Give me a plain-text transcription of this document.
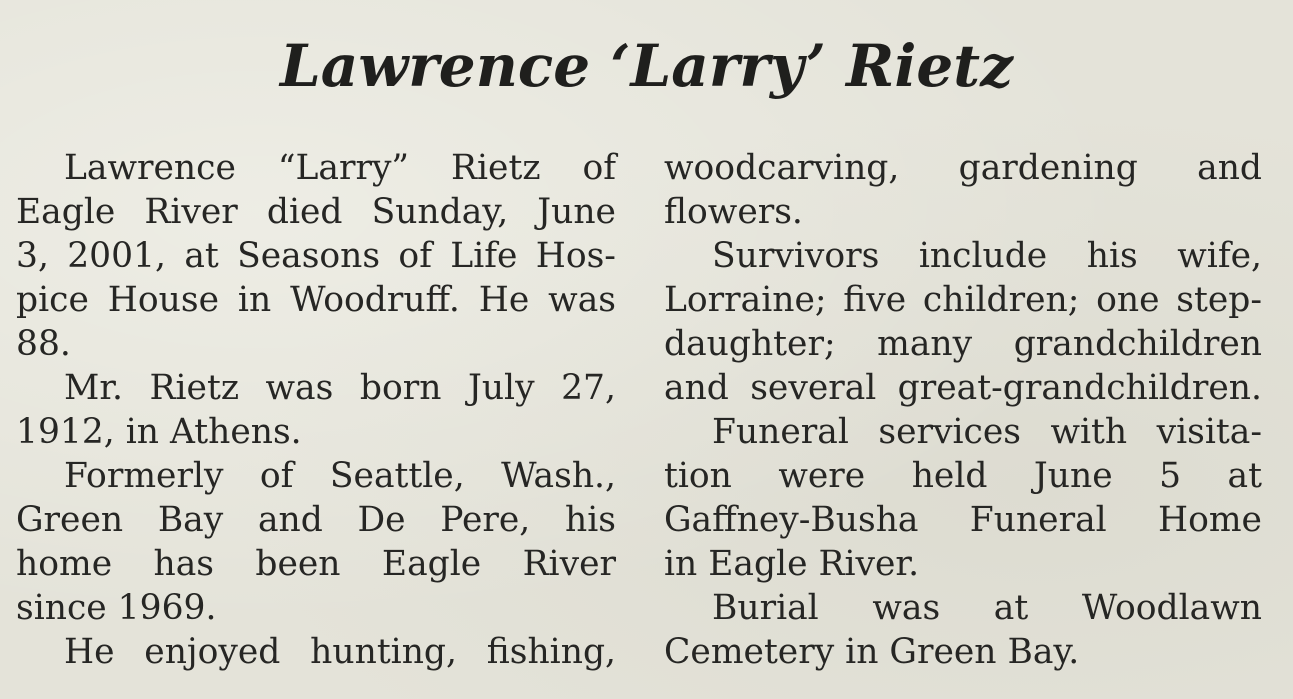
Lawrence ‘Larry’ Rietz
Lawrence “Larry” Rietz of
Eagle River died Sunday, June
3, 2001, at Seasons of Life Hos-
pice House in Woodruff. He was
88.
Mr. Rietz was born July 27,
1912, in Athens.
Formerly of Seattle, Wash.,
Green Bay and De Pere, his
home has been Eagle River
since 1969.
He enjoyed hunting, fishing,
woodcarving, gardening and
flowers.
Survivors include his wife,
Lorraine; five children; one step-
daughter; many grandchildren
and several great-grandchildren.
Funeral services with visita-
tion were held June 5 at
Gaffney-Busha Funeral Home
in Eagle River.
Burial was at Woodlawn
Cemetery in Green Bay.
